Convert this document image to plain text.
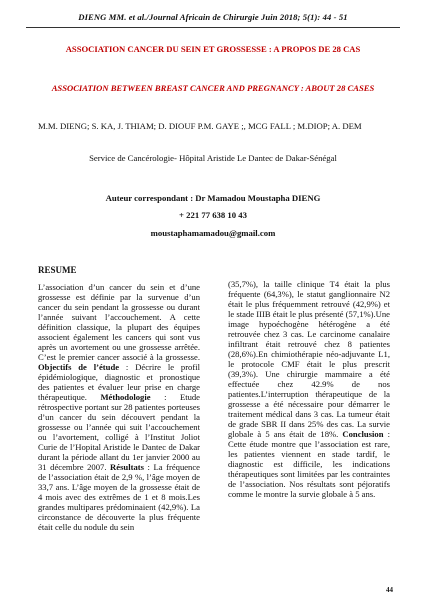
DIENG MM. et al./Journal Africain de Chirurgie Juin 2018; 5(1): 44 - 51
ASSOCIATION CANCER DU SEIN ET GROSSESSE : A PROPOS DE 28 CAS
ASSOCIATION BETWEEN BREAST CANCER AND PREGNANCY : ABOUT 28 CASES
M.M. DIENG; S. KA, J. THIAM; D. DIOUF P.M. GAYE ;, MCG FALL ; M.DIOP; A. DEM
Service de Cancérologie- Hôpital Aristide Le Dantec de Dakar-Sénégal
Auteur correspondant : Dr Mamadou Moustapha DIENG
+ 221 77 638 10 43
moustaphamamadou@gmail.com
RESUME

L’association d’un cancer du sein et d’une grossesse est définie par la survenue d’un cancer du sein pendant la grossesse ou durant l’année suivant l’accouchement. A cette définition classique, la plupart des équipes associent également les cancers qui sont vus après un avortement ou une grossesse arrêtée. C’est le premier cancer associé à la grossesse. Objectifs de l’étude : Décrire le profil épidémiologique, diagnostic et pronostique des patientes et évaluer leur prise en charge thérapeutique. Méthodologie : Etude rétrospective portant sur 28 patientes porteuses d’un cancer du sein découvert pendant la grossesse ou l’année qui suit l’accouchement ou l’avortement, colligé à l’Institut Joliot Curie de l’Hopital Aristide le Dantec de Dakar durant la période allant du 1er janvier 2000 au 31 décembre 2007. Résultats : La fréquence de l’association était de 2,9 %, l’âge moyen de 33,7 ans. L’âge moyen de la grossesse était de 4 mois avec des extrêmes de 1 et 8 mois.Les grandes multipares prédominaient (42,9%). La circonstance de découverte la plus fréquente était celle du nodule du sein

(35,7%), la taille clinique T4 était la plus fréquente (64,3%), le statut ganglionnaire N2 était le plus fréquemment retrouvé (42,9%) et le stade IIIB était le plus présenté (57,1%).Une image hypoéchogène hétérogène a été retrouvée chez 3 cas. Le carcinome canalaire infiltrant était retrouvé chez 8 patientes (28,6%).En chimiothérapie néo-adjuvante L1, le protocole CMF était le plus prescrit (39,3%). Une chirurgie mammaire a été effectuée chez 42.9% de nos patientes.L’interruption thérapeutique de la grossesse a été nécessaire pour démarrer le traitement médical dans 3 cas. La tumeur était de grade SBR II dans 25% des cas. La survie globale à 5 ans était de 18%. Conclusion : Cette étude montre que l’association est rare, les patientes viennent en stade tardif, le diagnostic est difficile, les indications thérapeutiques sont limitées par les contraintes de l’association. Nos résultats sont péjoratifs comme le montre la survie globale à 5 ans.

44
